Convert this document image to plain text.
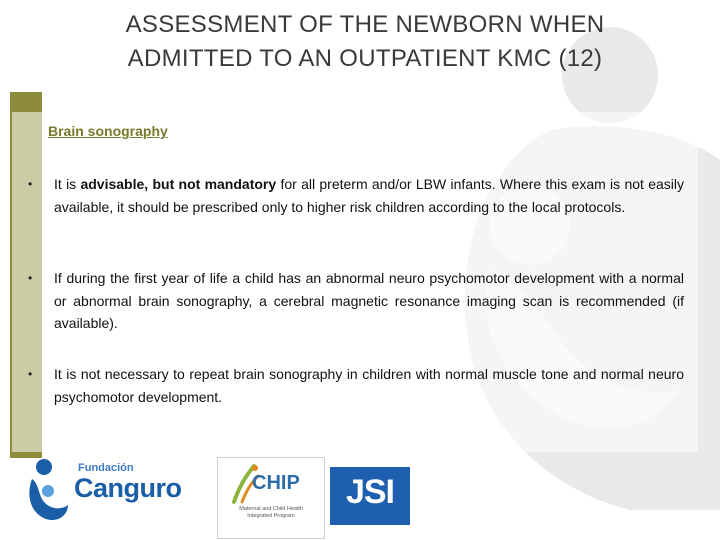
ASSESSMENT OF THE NEWBORN WHEN
ADMITTED TO AN OUTPATIENT KMC (12)
Brain sonography
•	It is advisable, but not mandatory for all preterm and/or LBW infants. Where this exam is not easily available, it should be prescribed only to higher risk children according to the local protocols.
•	If during the first year of life a child has an abnormal neuro psychomotor development with a normal or abnormal brain sonography, a cerebral magnetic resonance imaging scan is recommended (if available).
•	It is not necessary to repeat brain sonography in children with normal muscle tone and normal neuro psychomotor development.
Fundación
Canguro	CHIP
Maternal and Child Health
Integrated Program
JSI
